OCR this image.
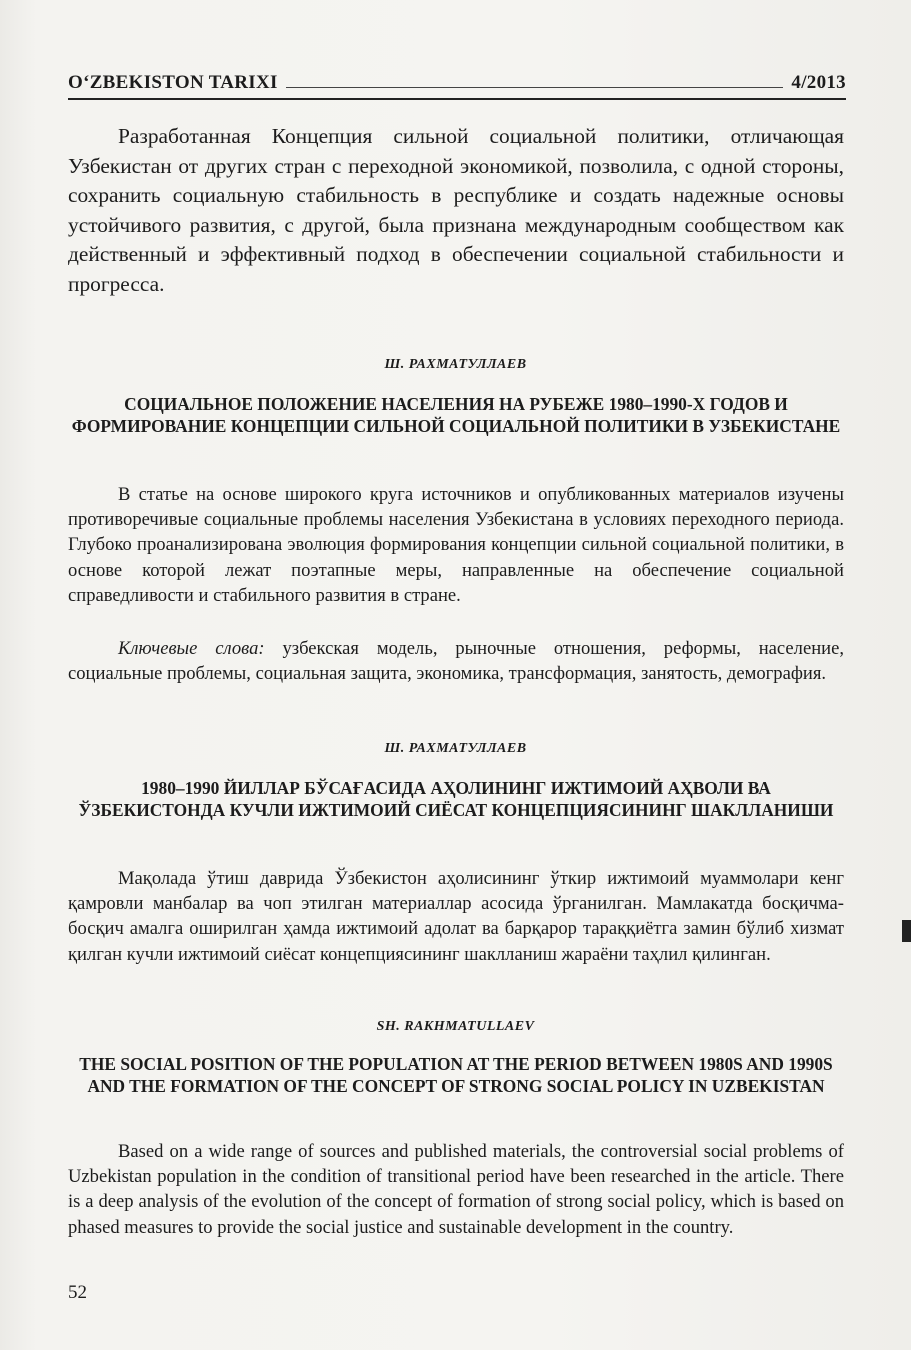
O‘ZBEKISTON TARIXI	4/2013

Разработанная Концепция сильной социальной политики, отличающая Узбекистан от других стран с переходной экономикой, позволила, с одной стороны, сохранить социальную стабильность в республике и создать надежные основы устойчивого развития, с другой, была признана международным сообществом как действенный и эффективный подход в обеспечении социальной стабильности и прогресса.

Ш. РАХМАТУЛЛАЕВ
СОЦИАЛЬНОЕ ПОЛОЖЕНИЕ НАСЕЛЕНИЯ НА РУБЕЖЕ 1980–1990-Х ГОДОВ И ФОРМИРОВАНИЕ КОНЦЕПЦИИ СИЛЬНОЙ СОЦИАЛЬНОЙ ПОЛИТИКИ В УЗБЕКИСТАНЕ

В статье на основе широкого круга источников и опубликованных материалов изучены противоречивые социальные проблемы населения Узбекистана в условиях переходного периода. Глубоко проанализирована эволюция формирования концепции сильной социальной политики, в основе которой лежат поэтапные меры, направленные на обеспечение социальной справедливости и стабильного развития в стране.

Ключевые слова: узбекская модель, рыночные отношения, реформы, население, социальные проблемы, социальная защита, экономика, трансформация, занятость, демография.

Ш. РАХМАТУЛЛАЕВ
1980–1990 ЙИЛЛАР БЎСАҒАСИДА АҲОЛИНИНГ ИЖТИМОИЙ АҲВОЛИ ВА ЎЗБЕКИСТОНДА КУЧЛИ ИЖТИМОИЙ СИЁСАТ КОНЦЕПЦИЯСИНИНГ ШАКЛЛАНИШИ

Мақолада ўтиш даврида Ўзбекистон аҳолисининг ўткир ижтимоий муаммолари кенг қамровли манбалар ва чоп этилган материаллар асосида ўрганилган. Мамлакатда босқичма-босқич амалга оширилган ҳамда ижтимоий адолат ва барқарор тараққиётга замин бўлиб хизмат қилган кучли ижтимоий сиёсат концепциясининг шаклланиш жараёни таҳлил қилинган.

SH. RAKHMATULLAEV
THE SOCIAL POSITION OF THE POPULATION AT THE PERIOD BETWEEN 1980S AND 1990S AND THE FORMATION OF THE CONCEPT OF STRONG SOCIAL POLICY IN UZBEKISTAN

Based on a wide range of sources and published materials, the controversial social problems of Uzbekistan population in the condition of transitional period have been researched in the article. There is a deep analysis of the evolution of the concept of formation of strong social policy, which is based on phased measures to provide the social justice and sustainable development in the country.

52
